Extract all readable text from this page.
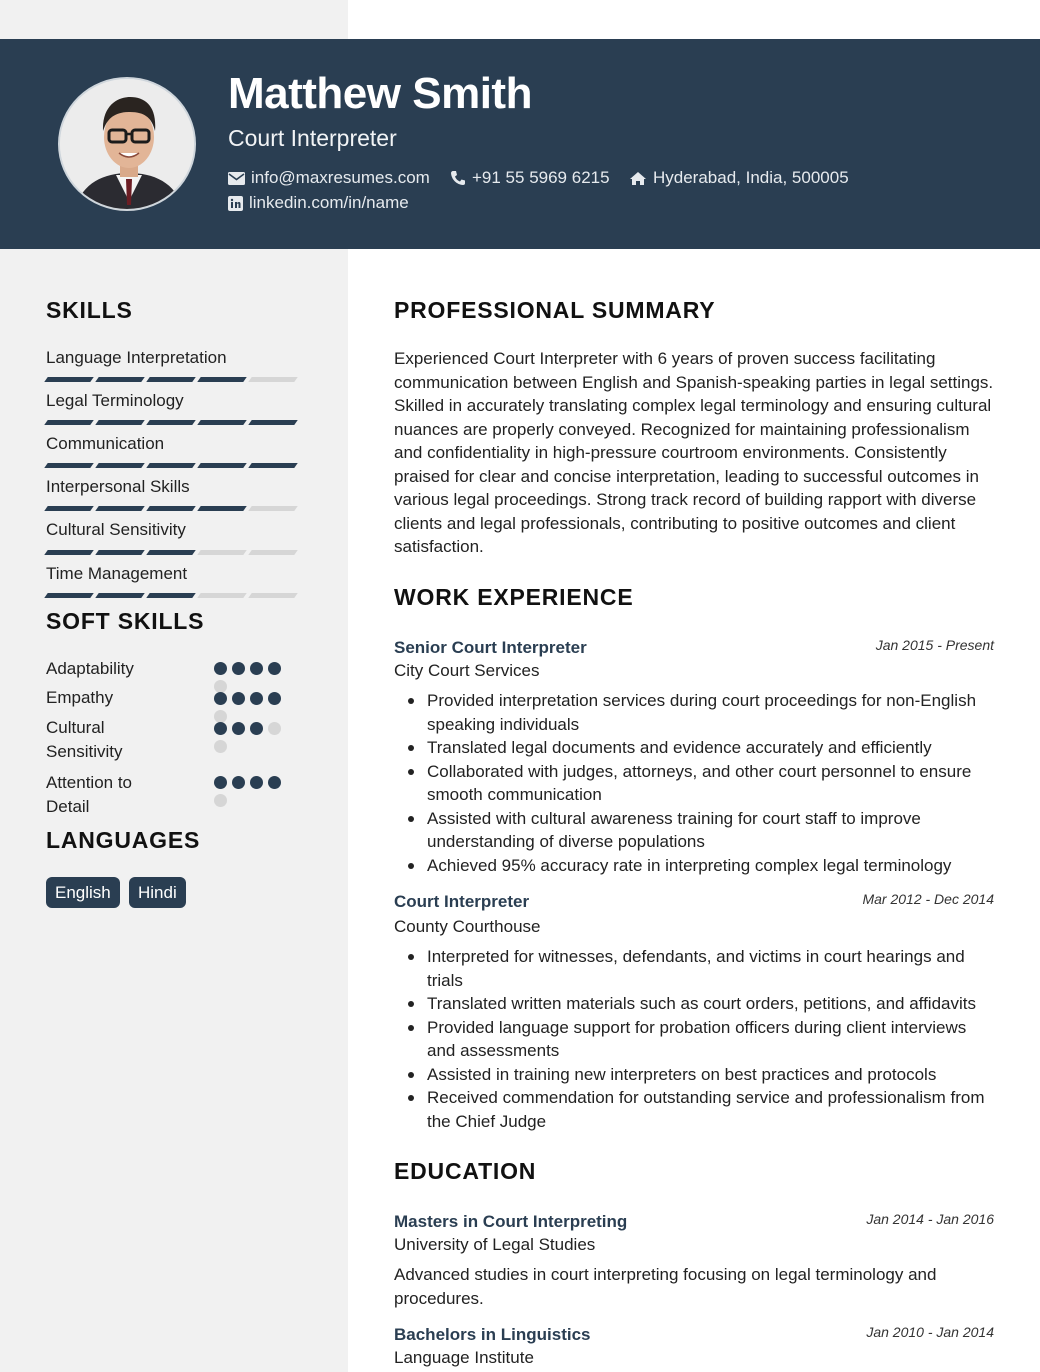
Matthew Smith
Court Interpreter
info@maxresumes.com +91 55 5969 6215	Hyderabad, India, 500005
linkedin.com/in/name
SKILLS
Language Interpretation
Legal Terminology
Communication
Interpersonal Skills
Cultural Sensitivity
Time Management
SOFT SKILLS
Adaptability
Empathy
Cultural Sensitivity
Attention to Detail
LANGUAGES
English	Hindi
PROFESSIONAL SUMMARY
Experienced Court Interpreter with 6 years of proven success facilitating communication between English and Spanish-speaking parties in legal settings. Skilled in accurately translating complex legal terminology and ensuring cultural nuances are properly conveyed. Recognized for maintaining professionalism and confidentiality in high-pressure courtroom environments. Consistently praised for clear and concise interpretation, leading to successful outcomes in various legal proceedings. Strong track record of building rapport with diverse clients and legal professionals, contributing to positive outcomes and client satisfaction.
WORK EXPERIENCE
Senior Court Interpreter	Jan 2015 - Present
City Court Services
Provided interpretation services during court proceedings for non-English speaking individuals
Translated legal documents and evidence accurately and efficiently
Collaborated with judges, attorneys, and other court personnel to ensure smooth communication
Assisted with cultural awareness training for court staff to improve understanding of diverse populations
Achieved 95% accuracy rate in interpreting complex legal terminology
Court Interpreter	Mar 2012 - Dec 2014
County Courthouse
Interpreted for witnesses, defendants, and victims in court hearings and trials
Translated written materials such as court orders, petitions, and affidavits
Provided language support for probation officers during client interviews and assessments
Assisted in training new interpreters on best practices and protocols
Received commendation for outstanding service and professionalism from the Chief Judge
EDUCATION
Masters in Court Interpreting	Jan 2014 - Jan 2016
University of Legal Studies
Advanced studies in court interpreting focusing on legal terminology and procedures.
Bachelors in Linguistics	Jan 2010 - Jan 2014
Language Institute
